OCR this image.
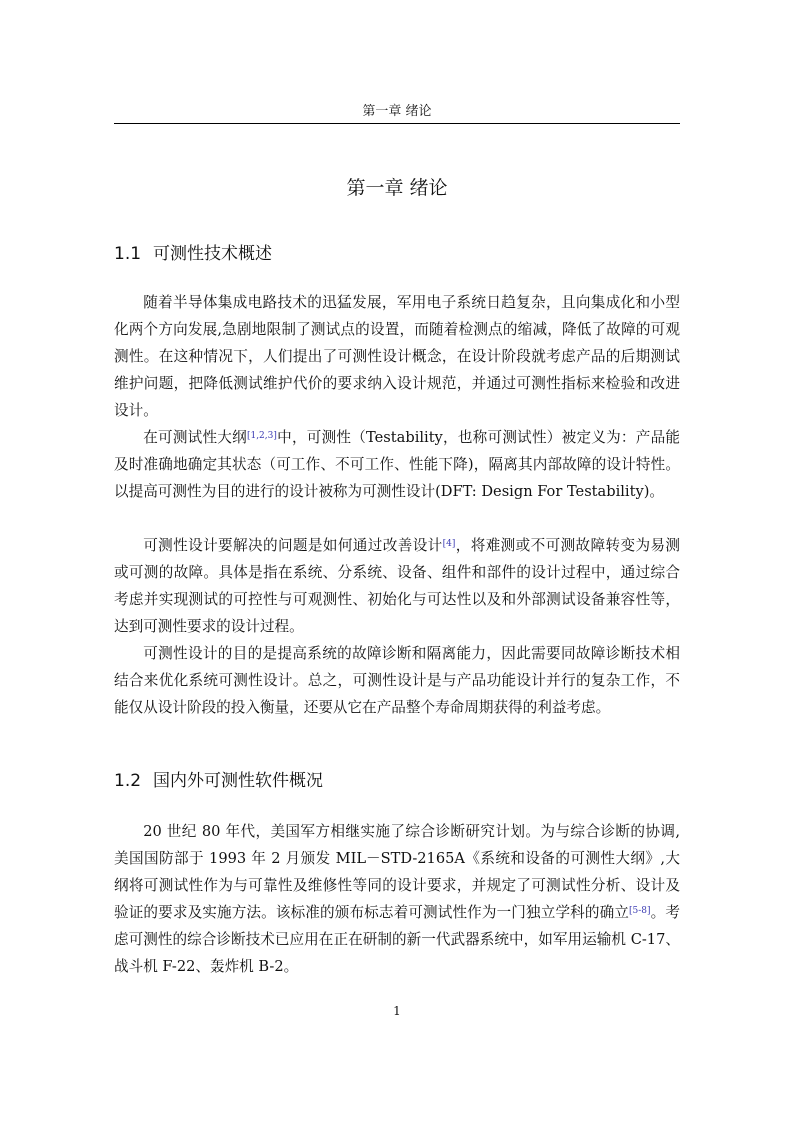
第一章 绪论
第一章 绪论
1.1 可测性技术概述

随着半导体集成电路技术的迅猛发展，军用电子系统日趋复杂，且向集成化和小型化两个方向发展,急剧地限制了测试点的设置，而随着检测点的缩减，降低了故障的可观测性。在这种情况下，人们提出了可测性设计概念，在设计阶段就考虑产品的后期测试维护问题，把降低测试维护代价的要求纳入设计规范，并通过可测性指标来检验和改进设计。

在可测试性大纲[1,2,3]中，可测性（Testability，也称可测试性）被定义为：产品能及时准确地确定其状态（可工作、不可工作、性能下降)，隔离其内部故障的设计特性。以提高可测性为目的进行的设计被称为可测性设计(DFT: Design For Testability)。

可测性设计要解决的问题是如何通过改善设计[4]，将难测或不可测故障转变为易测或可测的故障。具体是指在系统、分系统、设备、组件和部件的设计过程中，通过综合考虑并实现测试的可控性与可观测性、初始化与可达性以及和外部测试设备兼容性等，达到可测性要求的设计过程。

可测性设计的目的是提高系统的故障诊断和隔离能力，因此需要同故障诊断技术相结合来优化系统可测性设计。总之，可测性设计是与产品功能设计并行的复杂工作，不能仅从设计阶段的投入衡量，还要从它在产品整个寿命周期获得的利益考虑。

1.2 国内外可测性软件概况

20 世纪 80 年代，美国军方相继实施了综合诊断研究计划。为与综合诊断的协调,美国国防部于 1993 年 2 月颁发 MIL－STD-2165A《系统和设备的可测性大纲》,大纲将可测试性作为与可靠性及维修性等同的设计要求，并规定了可测试性分析、设计及验证的要求及实施方法。该标准的颁布标志着可测试性作为一门独立学科的确立[5-8]。考虑可测性的综合诊断技术已应用在正在研制的新一代武器系统中，如军用运输机 C-17、战斗机 F-22、轰炸机 B-2。

1
